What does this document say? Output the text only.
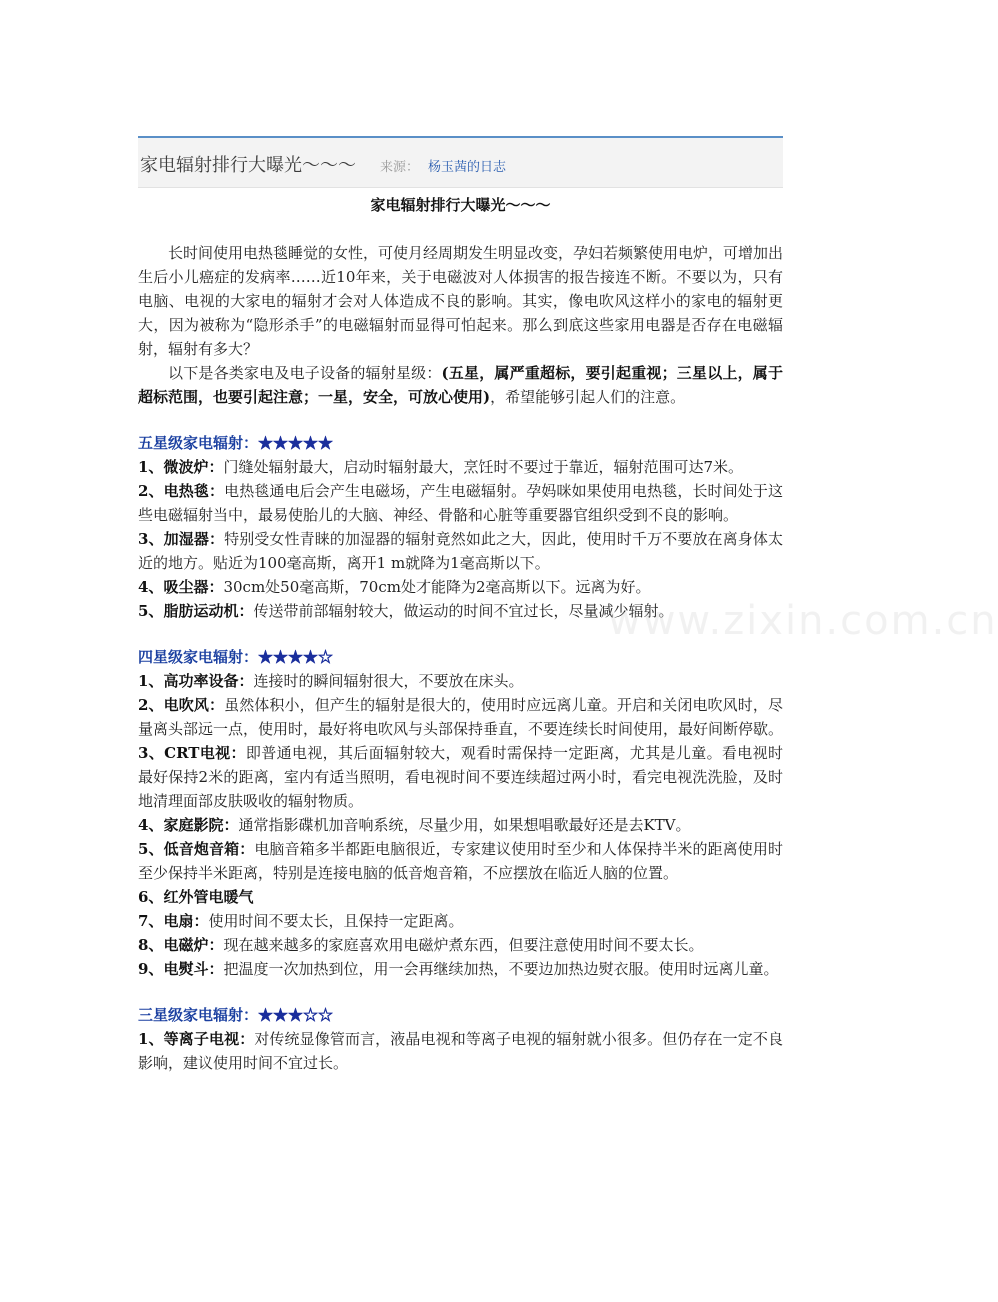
家电辐射排行大曝光～～～ 来源： 杨玉茜的日志
家电辐射排行大曝光～～～

长时间使用电热毯睡觉的女性，可使月经周期发生明显改变，孕妇若频繁使用电炉，可增加出生后小儿癌症的发病率……近10年来，关于电磁波对人体损害的报告接连不断。不要以为，只有电脑、电视的大家电的辐射才会对人体造成不良的影响。其实，像电吹风这样小的家电的辐射更大，因为被称为“隐形杀手”的电磁辐射而显得可怕起来。那么到底这些家用电器是否存在电磁辐射，辐射有多大？

以下是各类家电及电子设备的辐射星级：(五星，属严重超标，要引起重视；三星以上，属于超标范围，也要引起注意；一星，安全，可放心使用)，希望能够引起人们的注意。

五星级家电辐射：★★★★★

1、微波炉：门缝处辐射最大，启动时辐射最大，烹饪时不要过于靠近，辐射范围可达7米。

2、电热毯：电热毯通电后会产生电磁场，产生电磁辐射。孕妈咪如果使用电热毯，长时间处于这些电磁辐射当中，最易使胎儿的大脑、神经、骨骼和心脏等重要器官组织受到不良的影响。

3、加湿器：特别受女性青睐的加湿器的辐射竟然如此之大，因此，使用时千万不要放在离身体太近的地方。贴近为100毫高斯，离开1 m就降为1毫高斯以下。

4、吸尘器：30cm处50毫高斯，70cm处才能降为2毫高斯以下。远离为好。

5、脂肪运动机：传送带前部辐射较大，做运动的时间不宜过长，尽量减少辐射。

四星级家电辐射：★★★★☆

1、高功率设备：连接时的瞬间辐射很大，不要放在床头。

2、电吹风：虽然体积小，但产生的辐射是很大的，使用时应远离儿童。开启和关闭电吹风时，尽量离头部远一点，使用时，最好将电吹风与头部保持垂直，不要连续长时间使用，最好间断停歇。

3、CRT电视：即普通电视，其后面辐射较大，观看时需保持一定距离，尤其是儿童。看电视时最好保持2米的距离，室内有适当照明，看电视时间不要连续超过两小时，看完电视洗洗脸，及时地清理面部皮肤吸收的辐射物质。

4、家庭影院：通常指影碟机加音响系统，尽量少用，如果想唱歌最好还是去KTV。

5、低音炮音箱：电脑音箱多半都距电脑很近，专家建议使用时至少和人体保持半米的距离使用时至少保持半米距离，特别是连接电脑的低音炮音箱，不应摆放在临近人脑的位置。

6、红外管电暖气

7、电扇：使用时间不要太长，且保持一定距离。

8、电磁炉：现在越来越多的家庭喜欢用电磁炉煮东西，但要注意使用时间不要太长。

9、电熨斗：把温度一次加热到位，用一会再继续加热，不要边加热边熨衣服。使用时远离儿童。

三星级家电辐射：★★★☆☆

1、等离子电视：对传统显像管而言，液晶电视和等离子电视的辐射就小很多。但仍存在一定不良影响，建议使用时间不宜过长。

www.zixin.com.cn
